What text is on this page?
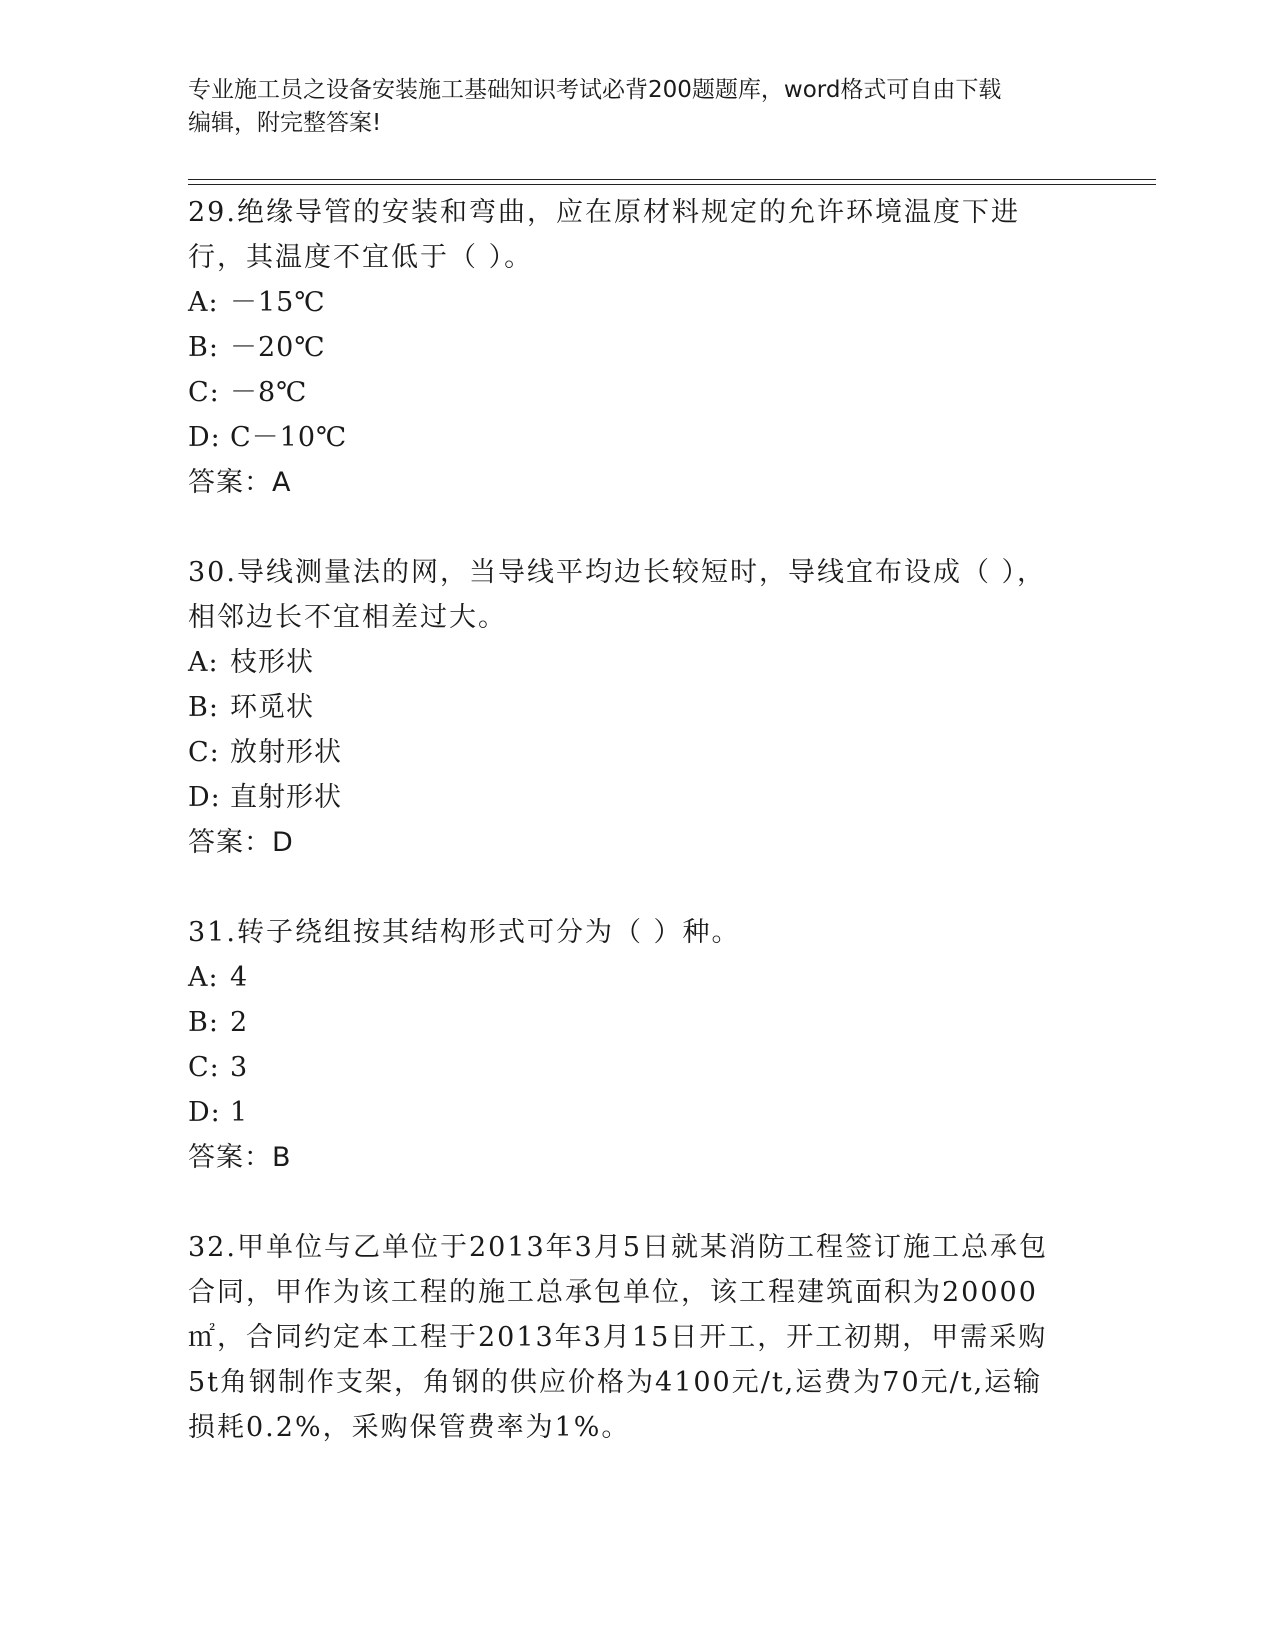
专业施工员之设备安装施工基础知识考试必背200题题库，word格式可自由下载
编辑，附完整答案!
29.绝缘导管的安装和弯曲，应在原材料规定的允许环境温度下进行，其温度不宜低于（ ）。
A: －15℃
B: －20℃
C: －8℃
D: C－10℃
答案：A
30.导线测量法的网，当导线平均边长较短时，导线宜布设成（ ），相邻边长不宜相差过大。
A: 枝形状
B: 环觅状
C: 放射形状
D: 直射形状
答案：D
31.转子绕组按其结构形式可分为（ ）种。
A: 4
B: 2
C: 3
D: 1
答案：B
32.甲单位与乙单位于2013年3月5日就某消防工程签订施工总承包合同，甲作为该工程的施工总承包单位，该工程建筑面积为20000㎡，合同约定本工程于2013年3月15日开工，开工初期，甲需采购5t角钢制作支架，角钢的供应价格为4100元/t,运费为70元/t,运输损耗0.2%，采购保管费率为1%。
